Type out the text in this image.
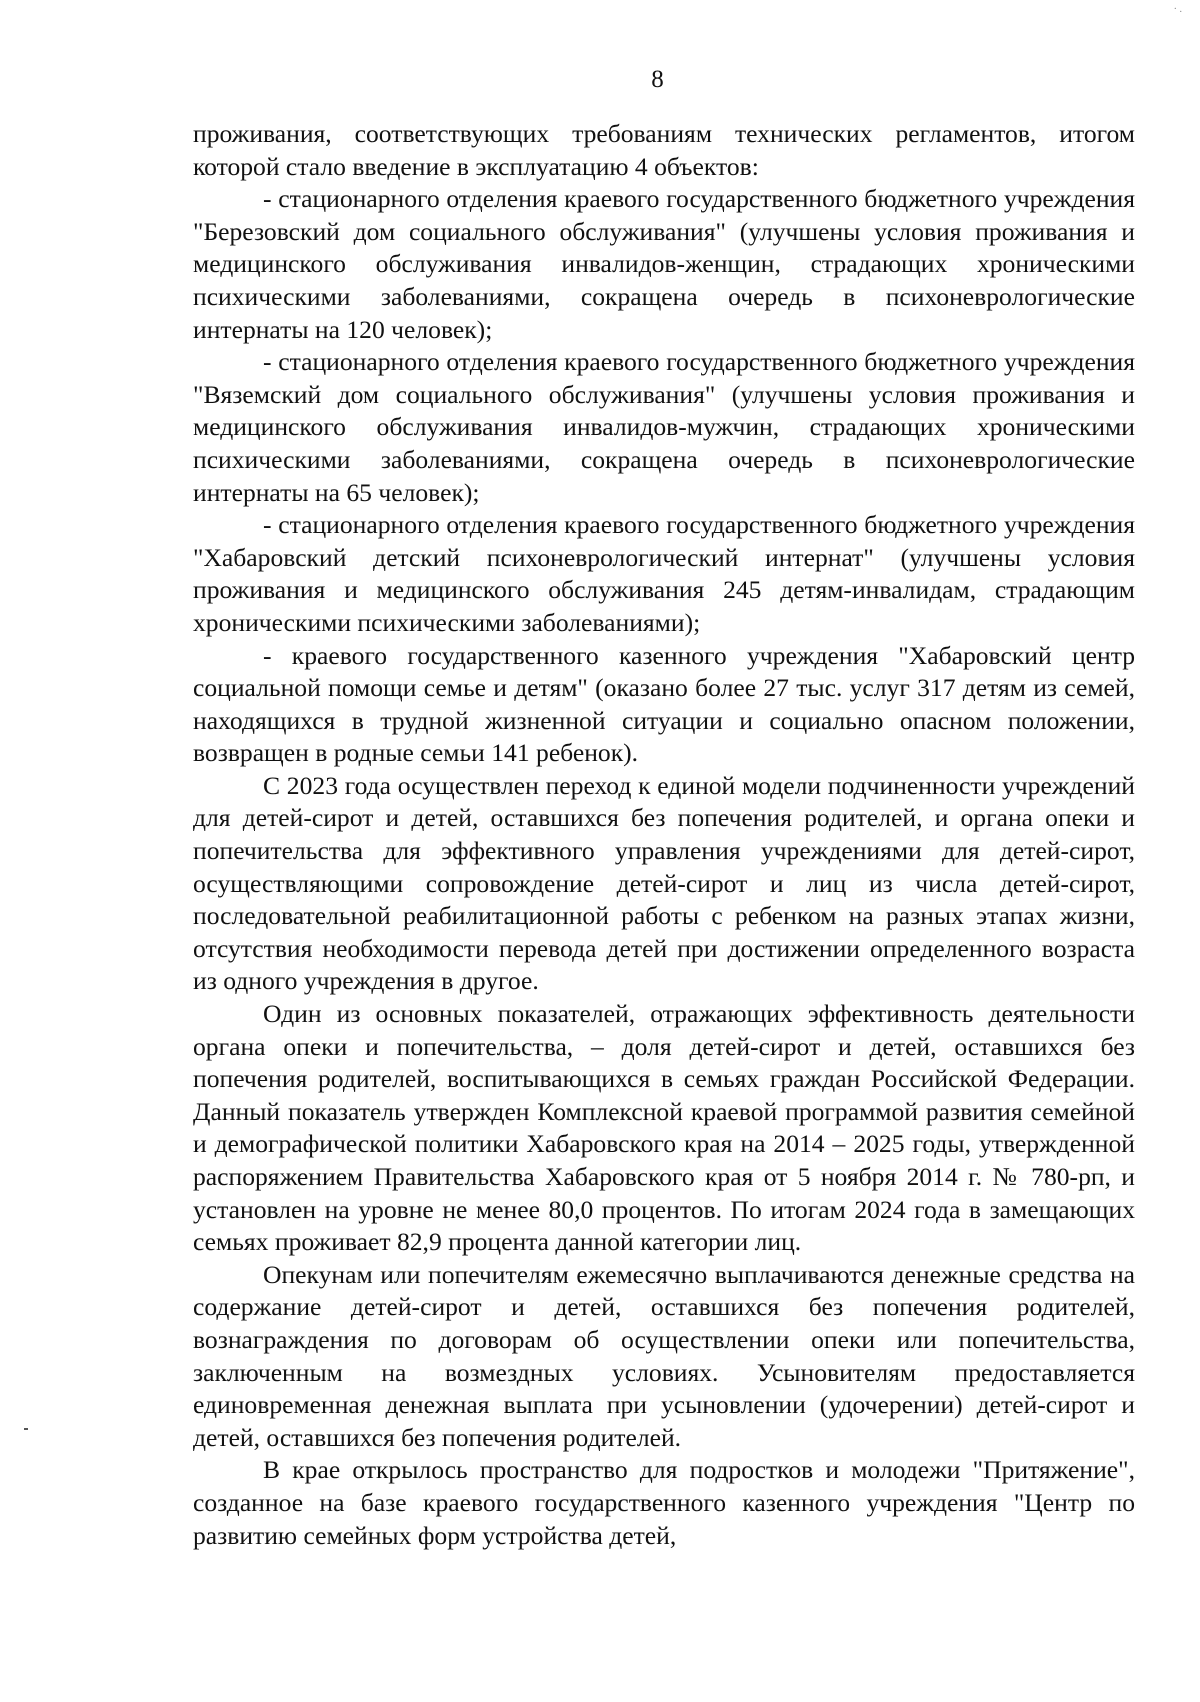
· .
8

проживания, соответствующих требованиям технических регламентов, итогом которой стало введение в эксплуатацию 4 объектов:

- стационарного отделения краевого государственного бюджетного учреждения "Березовский дом социального обслуживания" (улучшены условия проживания и медицинского обслуживания инвалидов-женщин, страдающих хроническими психическими заболеваниями, сокращена очередь в психоневрологические интернаты на 120 человек);

- стационарного отделения краевого государственного бюджетного учреждения "Вяземский дом социального обслуживания" (улучшены условия проживания и медицинского обслуживания инвалидов-мужчин, страдающих хроническими психическими заболеваниями, сокращена очередь в психоневрологические интернаты на 65 человек);

- стационарного отделения краевого государственного бюджетного учреждения "Хабаровский детский психоневрологический интернат" (улучшены условия проживания и медицинского обслуживания 245 детям-инвалидам, страдающим хроническими психическими заболеваниями);

- краевого государственного казенного учреждения "Хабаровский центр социальной помощи семье и детям" (оказано более 27 тыс. услуг 317 детям из семей, находящихся в трудной жизненной ситуации и социально опасном положении, возвращен в родные семьи 141 ребенок).

С 2023 года осуществлен переход к единой модели подчиненности учреждений для детей-сирот и детей, оставшихся без попечения родителей, и органа опеки и попечительства для эффективного управления учреждениями для детей-сирот, осуществляющими сопровождение детей-сирот и лиц из числа детей-сирот, последовательной реабилитационной работы с ребенком на разных этапах жизни, отсутствия необходимости перевода детей при достижении определенного возраста из одного учреждения в другое.

Один из основных показателей, отражающих эффективность деятельности органа опеки и попечительства, – доля детей-сирот и детей, оставшихся без попечения родителей, воспитывающихся в семьях граждан Российской Федерации. Данный показатель утвержден Комплексной краевой программой развития семейной и демографической политики Хабаровского края на 2014 – 2025 годы, утвержденной распоряжением Правительства Хабаровского края от 5 ноября 2014 г. № 780-рп, и установлен на уровне не менее 80,0 процентов. По итогам 2024 года в замещающих семьях проживает 82,9 процента данной категории лиц.

Опекунам или попечителям ежемесячно выплачиваются денежные средства на содержание детей-сирот и детей, оставшихся без попечения родителей, вознаграждения по договорам об осуществлении опеки или попечительства, заключенным на возмездных условиях. Усыновителям предоставляется единовременная денежная выплата при усыновлении (удочерении) детей-сирот и детей, оставшихся без попечения родителей.

В крае открылось пространство для подростков и молодежи "Притяжение", созданное на базе краевого государственного казенного учреждения "Центр по развитию семейных форм устройства детей,
